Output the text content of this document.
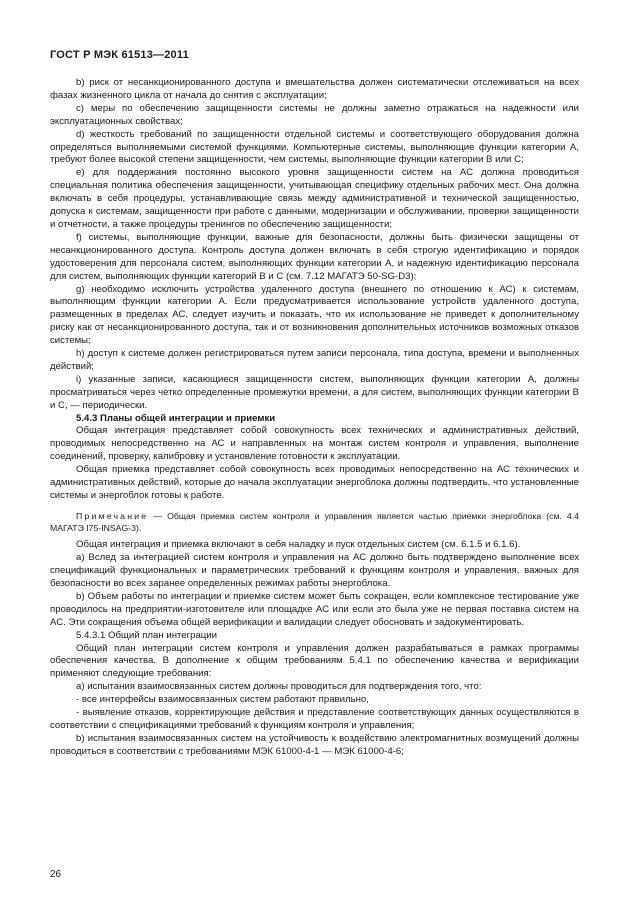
ГОСТ Р МЭК 61513—2011

b) риск от несанкционированного доступа и вмешательства должен систематически отслеживаться на всех фазах жизненного цикла от начала до снятия с эксплуатации;

c) меры по обеспечению защищенности системы не должны заметно отражаться на надежности или эксплуатационных свойствах;

d) жесткость требований по защищенности отдельной системы и соответствующего оборудования должна определяться выполняемыми системой функциями. Компьютерные системы, выполняющие функции категории А, требуют более высокой степени защищенности, чем системы, выполняющие функции категории В или С;

e) для поддержания постоянно высокого уровня защищенности систем на АС должна проводиться специальная политика обеспечения защищенности, учитывающая специфику отдельных рабочих мест. Она должна включать в себя процедуры, устанавливающие связь между административной и технической защищенностью, допуска к системам, защищенности при работе с данными, модернизации и обслуживании, проверки защищенности и отчетности, а также процедуры тренингов по обеспечению защищенности;

f) системы, выполняющие функции, важные для безопасности, должны быть физически защищены от несанкционированного доступа. Контроль доступа должен включать в себя строгую идентификацию и порядок удостоверения для персонала систем, выполняющих функции категории А, и надежную идентификацию персонала для систем, выполняющих функции категорий В и С (см. 7.12 МАГАТЭ 50-SG-D3);

g) необходимо исключить устройства удаленного доступа (внешнего по отношению к АС) к системам, выполняющим функции категории А. Если предусматривается использование устройств удаленного доступа, размещенных в пределах АС, следует изучить и показать, что их использование не приведет к дополнительному риску как от несанкционированного доступа, так и от возникновения дополнительных источников возможных отказов системы;

h) доступ к системе должен регистрироваться путем записи персонала, типа доступа, времени и выполненных действий;

i) указанные записи, касающиеся защищенности систем, выполняющих функции категории А, должны просматриваться через четко определенные промежутки времени, а для систем, выполняющих функции категории В и С, — периодически.

5.4.3 Планы общей интеграции и приемки

Общая интеграция представляет собой совокупность всех технических и административных действий, проводимых непосредственно на АС и направленных на монтаж систем контроля и управления, выполнение соединений, проверку, калибровку и установление готовности к эксплуатации.

Общая приемка представляет собой совокупность всех проводимых непосредственно на АС технических и административных действий, которые до начала эксплуатации энергоблока должны подтвердить, что установленные системы и энергоблок готовы к работе.

Примечание — Общая приемка систем контроля и управления является частью приемки энергоблока (см. 4.4 МАГАТЭ I75-INSAG-3).

Общая интеграция и приемка включают в себя наладку и пуск отдельных систем (см. 6.1.5 и 6.1.6).

а) Вслед за интеграцией систем контроля и управления на АС должно быть подтверждено выполнение всех спецификаций функциональных и параметрических требований к функциям контроля и управления, важных для безопасности во всех заранее определенных режимах работы энергоблока.

b) Объем работы по интеграции и приемке систем может быть сокращен, если комплексное тестирование уже проводилось на предприятии-изготовителе или площадке АС или если это была уже не первая поставка систем на АС. Эти сокращения объема общей верификации и валидации следует обосновать и задокументировать.

5.4.3.1 Общий план интеграции

Общий план интеграции систем контроля и управления должен разрабатываться в рамках программы обеспечения качества. В дополнение к общим требованиям 5.4.1 по обеспечению качества и верификации применяют следующие требования:

a) испытания взаимосвязанных систем должны проводиться для подтверждения того, что:

- все интерфейсы взаимосвязанных систем работают правильно,

- выявление отказов, корректирующие действия и представление соответствующих данных осуществляются в соответствии с спецификациями требований к функциям контроля и управления;

b) испытания взаимосвязанных систем на устойчивость к воздействию электромагнитных возмущений должны проводиться в соответствии с требованиями МЭК 61000-4-1 — МЭК 61000-4-6;

26
